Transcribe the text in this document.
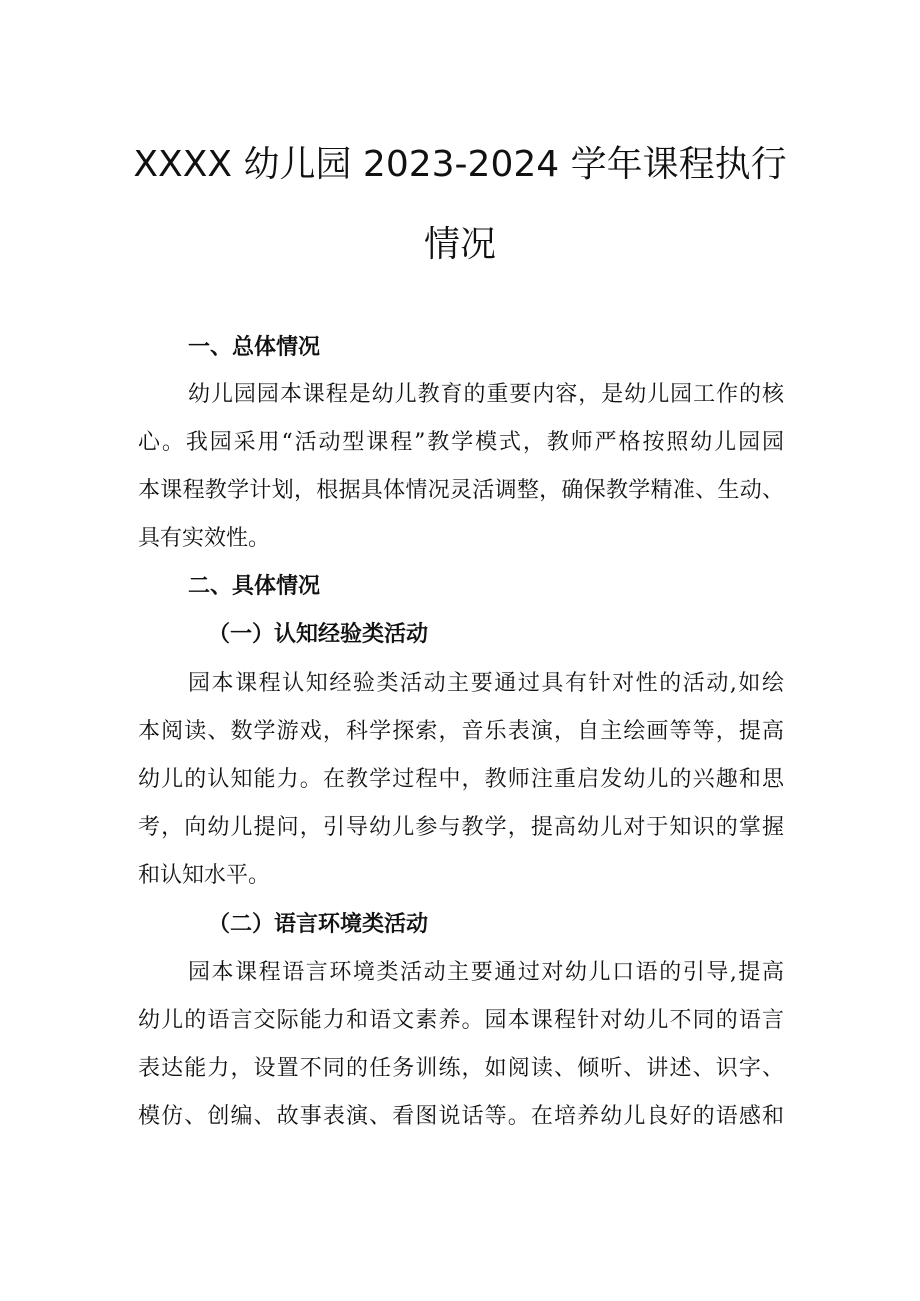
XXXX 幼儿园 2023-2024 学年课程执行
情况

一、总体情况

幼儿园园本课程是幼儿教育的重要内容，是幼儿园工作的核

心。我园采用“活动型课程”教学模式，教师严格按照幼儿园园

本课程教学计划，根据具体情况灵活调整，确保教学精准、生动、

具有实效性。

二、具体情况

（一）认知经验类活动

园本课程认知经验类活动主要通过具有针对性的活动,如绘

本阅读、数学游戏，科学探索，音乐表演，自主绘画等等，提高

幼儿的认知能力。在教学过程中，教师注重启发幼儿的兴趣和思

考，向幼儿提问，引导幼儿参与教学，提高幼儿对于知识的掌握

和认知水平。

（二）语言环境类活动

园本课程语言环境类活动主要通过对幼儿口语的引导,提高

幼儿的语言交际能力和语文素养。园本课程针对幼儿不同的语言

表达能力，设置不同的任务训练，如阅读、倾听、讲述、识字、

模仿、创编、故事表演、看图说话等。在培养幼儿良好的语感和
